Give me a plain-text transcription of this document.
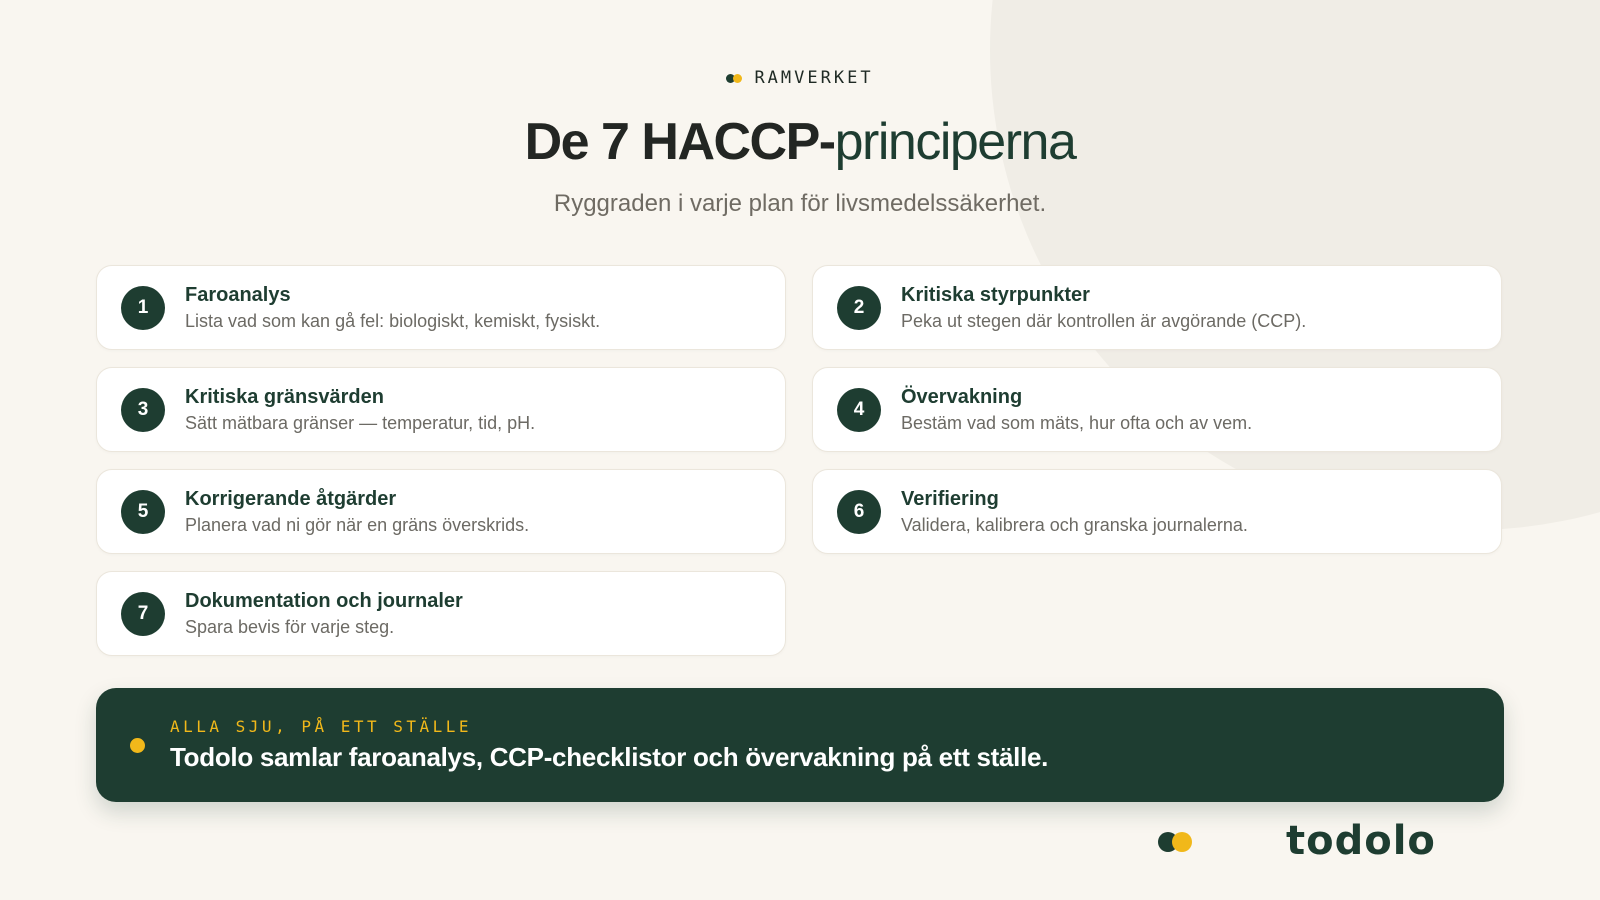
RAMVERKET
De 7 HACCP-principerna

Ryggraden i varje plan för livsmedelssäkerhet.

1
Faroanalys
Lista vad som kan gå fel: biologiskt, kemiskt, fysiskt.
2
Kritiska styrpunkter
Peka ut stegen där kontrollen är avgörande (CCP).
3
Kritiska gränsvärden
Sätt mätbara gränser — temperatur, tid, pH.
4
Övervakning
Bestäm vad som mäts, hur ofta och av vem.
5
Korrigerande åtgärder
Planera vad ni gör när en gräns överskrids.
6
Verifiering
Validera, kalibrera och granska journalerna.
7
Dokumentation och journaler
Spara bevis för varje steg.
ALLA SJU, PÅ ETT STÄLLE
Todolo samlar faroanalys, CCP-checklistor och övervakning på ett ställe.
todolo
